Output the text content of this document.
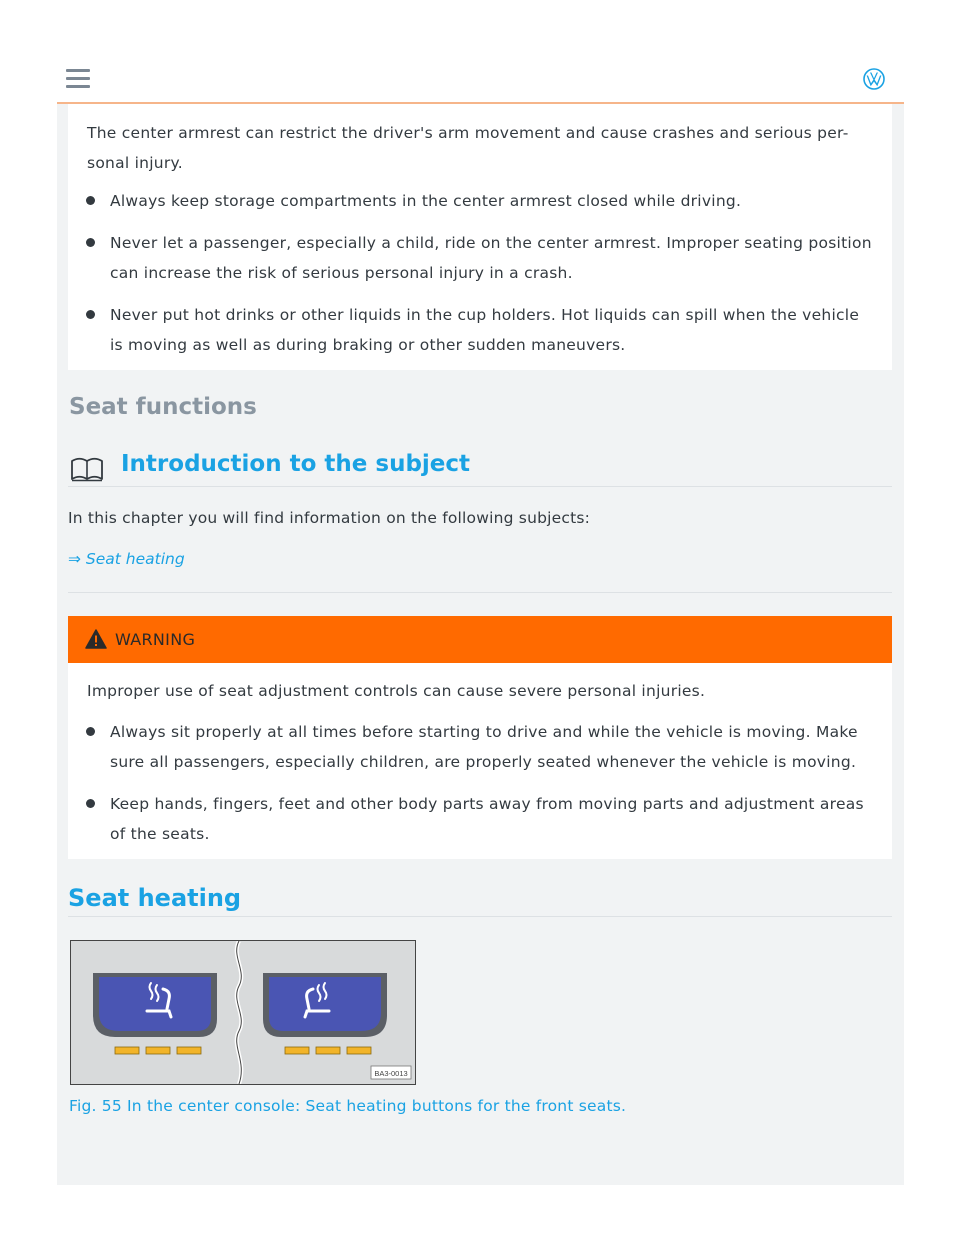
The center armrest can restrict the driver's arm movement and cause crashes and serious per-
sonal injury.
Always keep storage compartments in the center armrest closed while driving.
Never let a passenger, especially a child, ride on the center armrest. Improper seating position
can increase the risk of serious personal injury in a crash.
Never put hot drinks or other liquids in the cup holders. Hot liquids can spill when the vehicle
is moving as well as during braking or other sudden maneuvers.
Seat functions
Introduction to the subject
In this chapter you will find information on the following subjects:
⇒ Seat heating
WARNING
Improper use of seat adjustment controls can cause severe personal injuries.
Always sit properly at all times before starting to drive and while the vehicle is moving. Make
sure all passengers, especially children, are properly seated whenever the vehicle is moving.
Keep hands, fingers, feet and other body parts away from moving parts and adjustment areas
of the seats.
Seat heating
BA3-0013
Fig. 55 In the center console: Seat heating buttons for the front seats.
